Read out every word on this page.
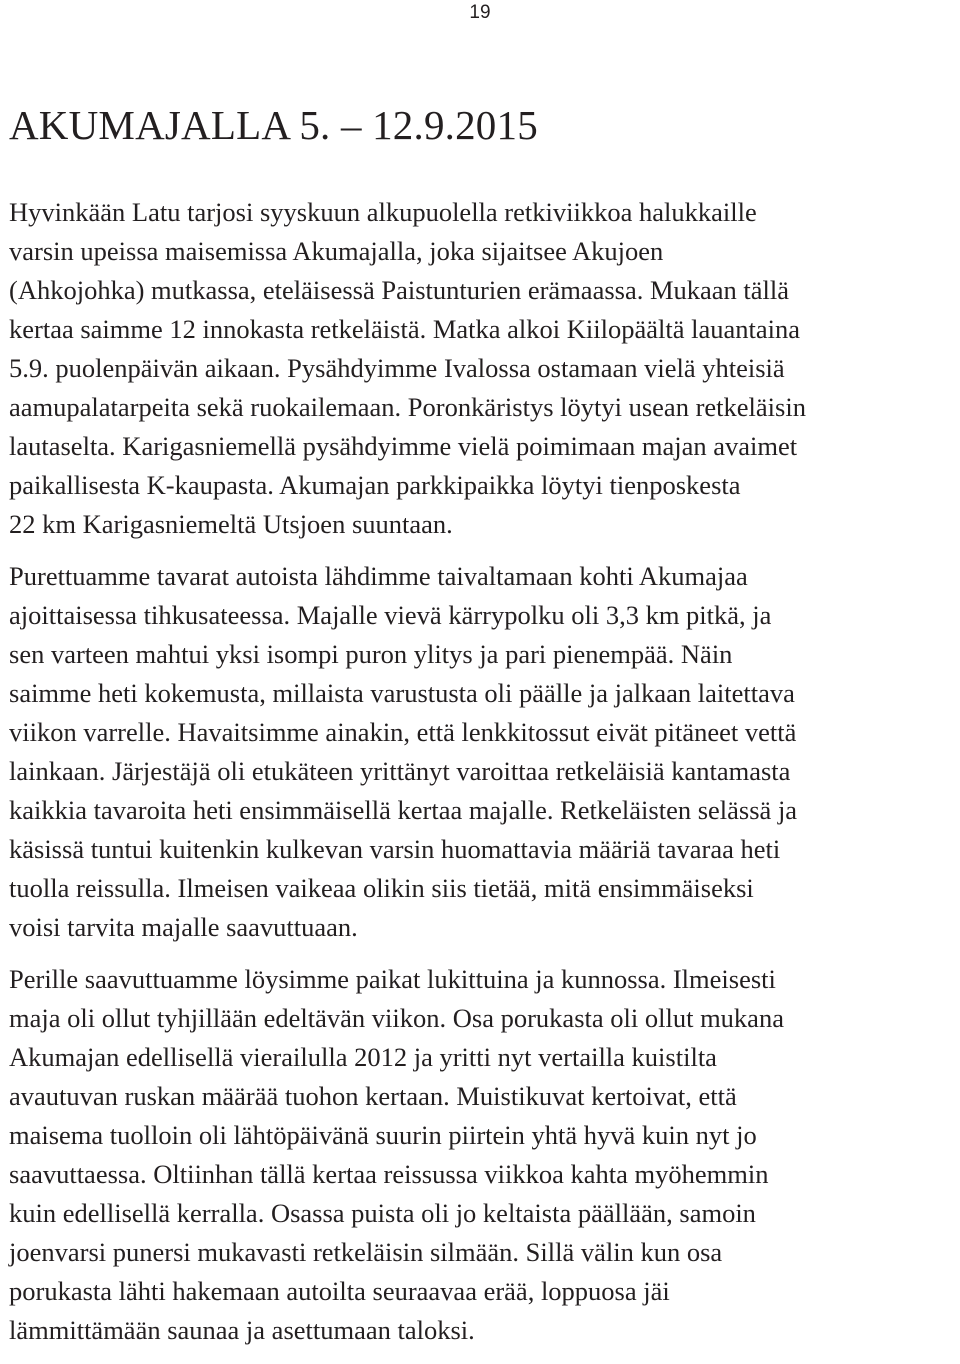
19
AKUMAJALLA 5. – 12.9.2015

Hyvinkään Latu tarjosi syyskuun alkupuolella retkiviikkoa halukkaille
varsin upeissa maisemissa Akumajalla, joka sijaitsee Akujoen
(Ahkojohka) mutkassa, eteläisessä Paistunturien erämaassa. Mukaan tällä
kertaa saimme 12 innokasta retkeläistä. Matka alkoi Kiilopäältä lauantaina
5.9. puolenpäivän aikaan. Pysähdyimme Ivalossa ostamaan vielä yhteisiä
aamupalatarpeita sekä ruokailemaan. Poronkäristys löytyi usean retkeläisin
lautaselta. Karigasniemellä pysähdyimme vielä poimimaan majan avaimet
paikallisesta K-kaupasta. Akumajan parkkipaikka löytyi tienposkesta
22 km Karigasniemeltä Utsjoen suuntaan.

Purettuamme tavarat autoista lähdimme taivaltamaan kohti Akumajaa
ajoittaisessa tihkusateessa. Majalle vievä kärrypolku oli 3,3 km pitkä, ja
sen varteen mahtui yksi isompi puron ylitys ja pari pienempää. Näin
saimme heti kokemusta, millaista varustusta oli päälle ja jalkaan laitettava
viikon varrelle. Havaitsimme ainakin, että lenkkitossut eivät pitäneet vettä
lainkaan. Järjestäjä oli etukäteen yrittänyt varoittaa retkeläisiä kantamasta
kaikkia tavaroita heti ensimmäisellä kertaa majalle. Retkeläisten selässä ja
käsissä tuntui kuitenkin kulkevan varsin huomattavia määriä tavaraa heti
tuolla reissulla. Ilmeisen vaikeaa olikin siis tietää, mitä ensimmäiseksi
voisi tarvita majalle saavuttuaan.

Perille saavuttuamme löysimme paikat lukittuina ja kunnossa. Ilmeisesti
maja oli ollut tyhjillään edeltävän viikon. Osa porukasta oli ollut mukana
Akumajan edellisellä vierailulla 2012 ja yritti nyt vertailla kuistilta
avautuvan ruskan määrää tuohon kertaan. Muistikuvat kertoivat, että
maisema tuolloin oli lähtöpäivänä suurin piirtein yhtä hyvä kuin nyt jo
saavuttaessa. Oltiinhan tällä kertaa reissussa viikkoa kahta myöhemmin
kuin edellisellä kerralla. Osassa puista oli jo keltaista päällään, samoin
joenvarsi punersi mukavasti retkeläisin silmään. Sillä välin kun osa
porukasta lähti hakemaan autoilta seuraavaa erää, loppuosa jäi
lämmittämään saunaa ja asettumaan taloksi.
